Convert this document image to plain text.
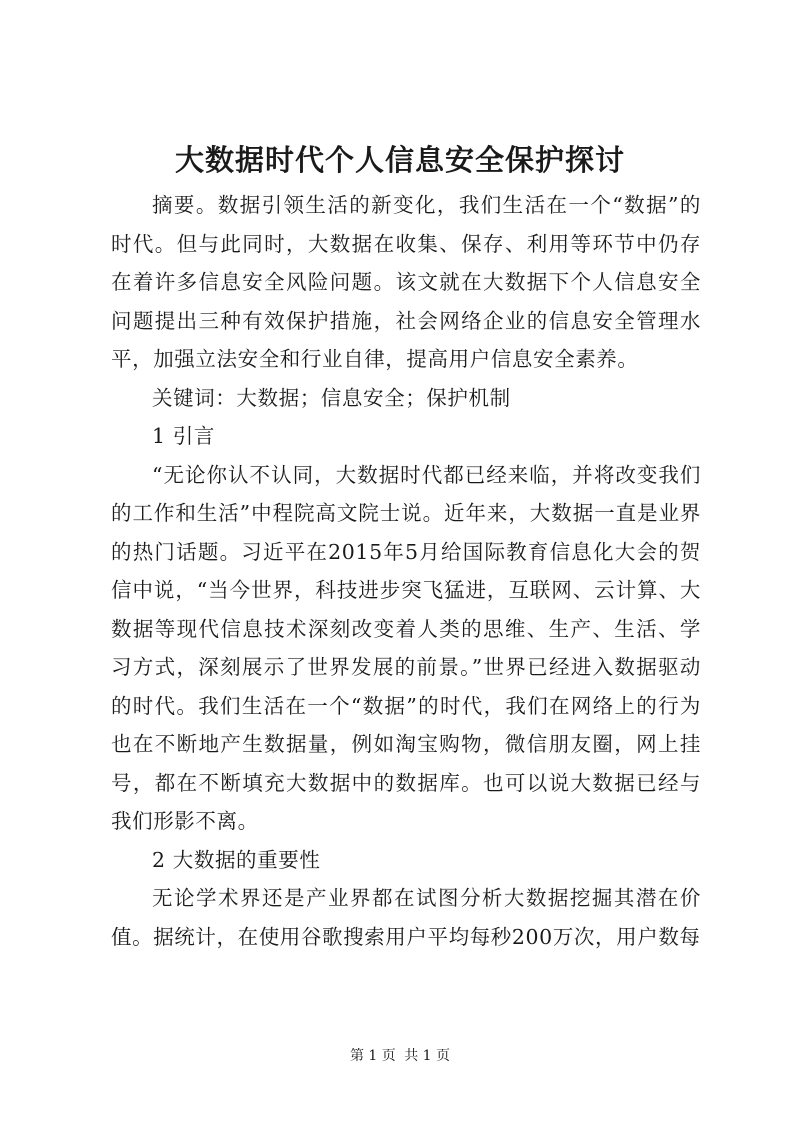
大数据时代个人信息安全保护探讨

摘要。数据引领生活的新变化，我们生活在一个“数据”的时代。但与此同时，大数据在收集、保存、利用等环节中仍存在着许多信息安全风险问题。该文就在大数据下个人信息安全问题提出三种有效保护措施，社会网络企业的信息安全管理水平，加强立法安全和行业自律，提高用户信息安全素养。

关键词：大数据；信息安全；保护机制

1 引言

“无论你认不认同，大数据时代都已经来临，并将改变我们的工作和生活”中程院高文院士说。近年来，大数据一直是业界的热门话题。习近平在2015年5月给国际教育信息化大会的贺信中说，“当今世界，科技进步突飞猛进，互联网、云计算、大数据等现代信息技术深刻改变着人类的思维、生产、生活、学习方式，深刻展示了世界发展的前景。”世界已经进入数据驱动的时代。我们生活在一个“数据”的时代，我们在网络上的行为也在不断地产生数据量，例如淘宝购物，微信朋友圈，网上挂号，都在不断填充大数据中的数据库。也可以说大数据已经与我们形影不离。

2 大数据的重要性

无论学术界还是产业界都在试图分析大数据挖掘其潜在价值。据统计，在使用谷歌搜索用户平均每秒200万次，用户数每

第 1 页 共 1 页
